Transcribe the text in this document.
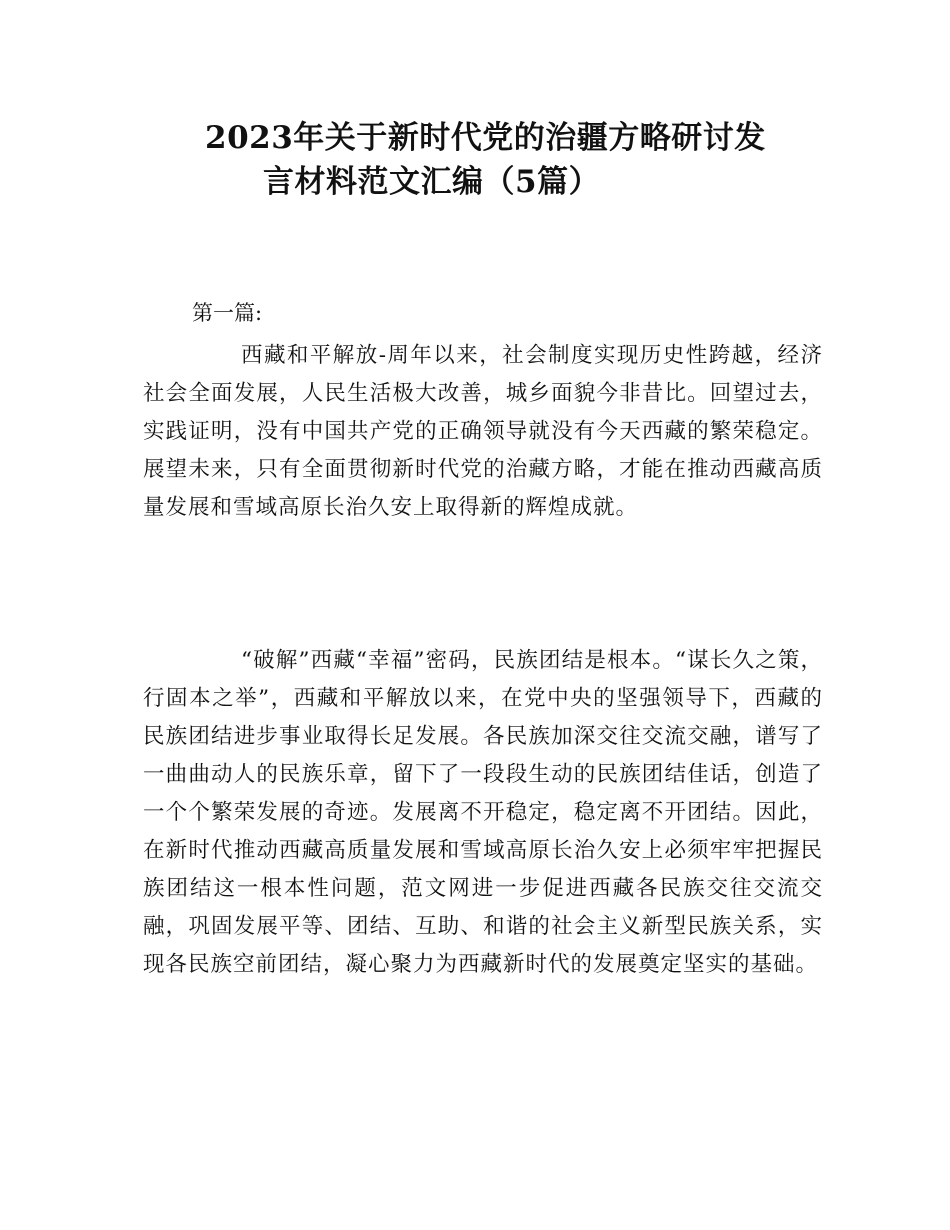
2023年关于新时代党的治疆方略研讨发
言材料范文汇编（5篇）

第一篇:

西藏和平解放-周年以来，社会制度实现历史性跨越，经济社会全面发展，人民生活极大改善，城乡面貌今非昔比。回望过去，实践证明，没有中国共产党的正确领导就没有今天西藏的繁荣稳定。展望未来，只有全面贯彻新时代党的治藏方略，才能在推动西藏高质量发展和雪域高原长治久安上取得新的辉煌成就。

“破解”西藏“幸福”密码，民族团结是根本。“谋长久之策，行固本之举”，西藏和平解放以来，在党中央的坚强领导下，西藏的民族团结进步事业取得长足发展。各民族加深交往交流交融，谱写了一曲曲动人的民族乐章，留下了一段段生动的民族团结佳话，创造了一个个繁荣发展的奇迹。发展离不开稳定，稳定离不开团结。因此，在新时代推动西藏高质量发展和雪域高原长治久安上必须牢牢把握民族团结这一根本性问题，范文网进一步促进西藏各民族交往交流交融，巩固发展平等、团结、互助、和谐的社会主义新型民族关系，实现各民族空前团结，凝心聚力为西藏新时代的发展奠定坚实的基础。
